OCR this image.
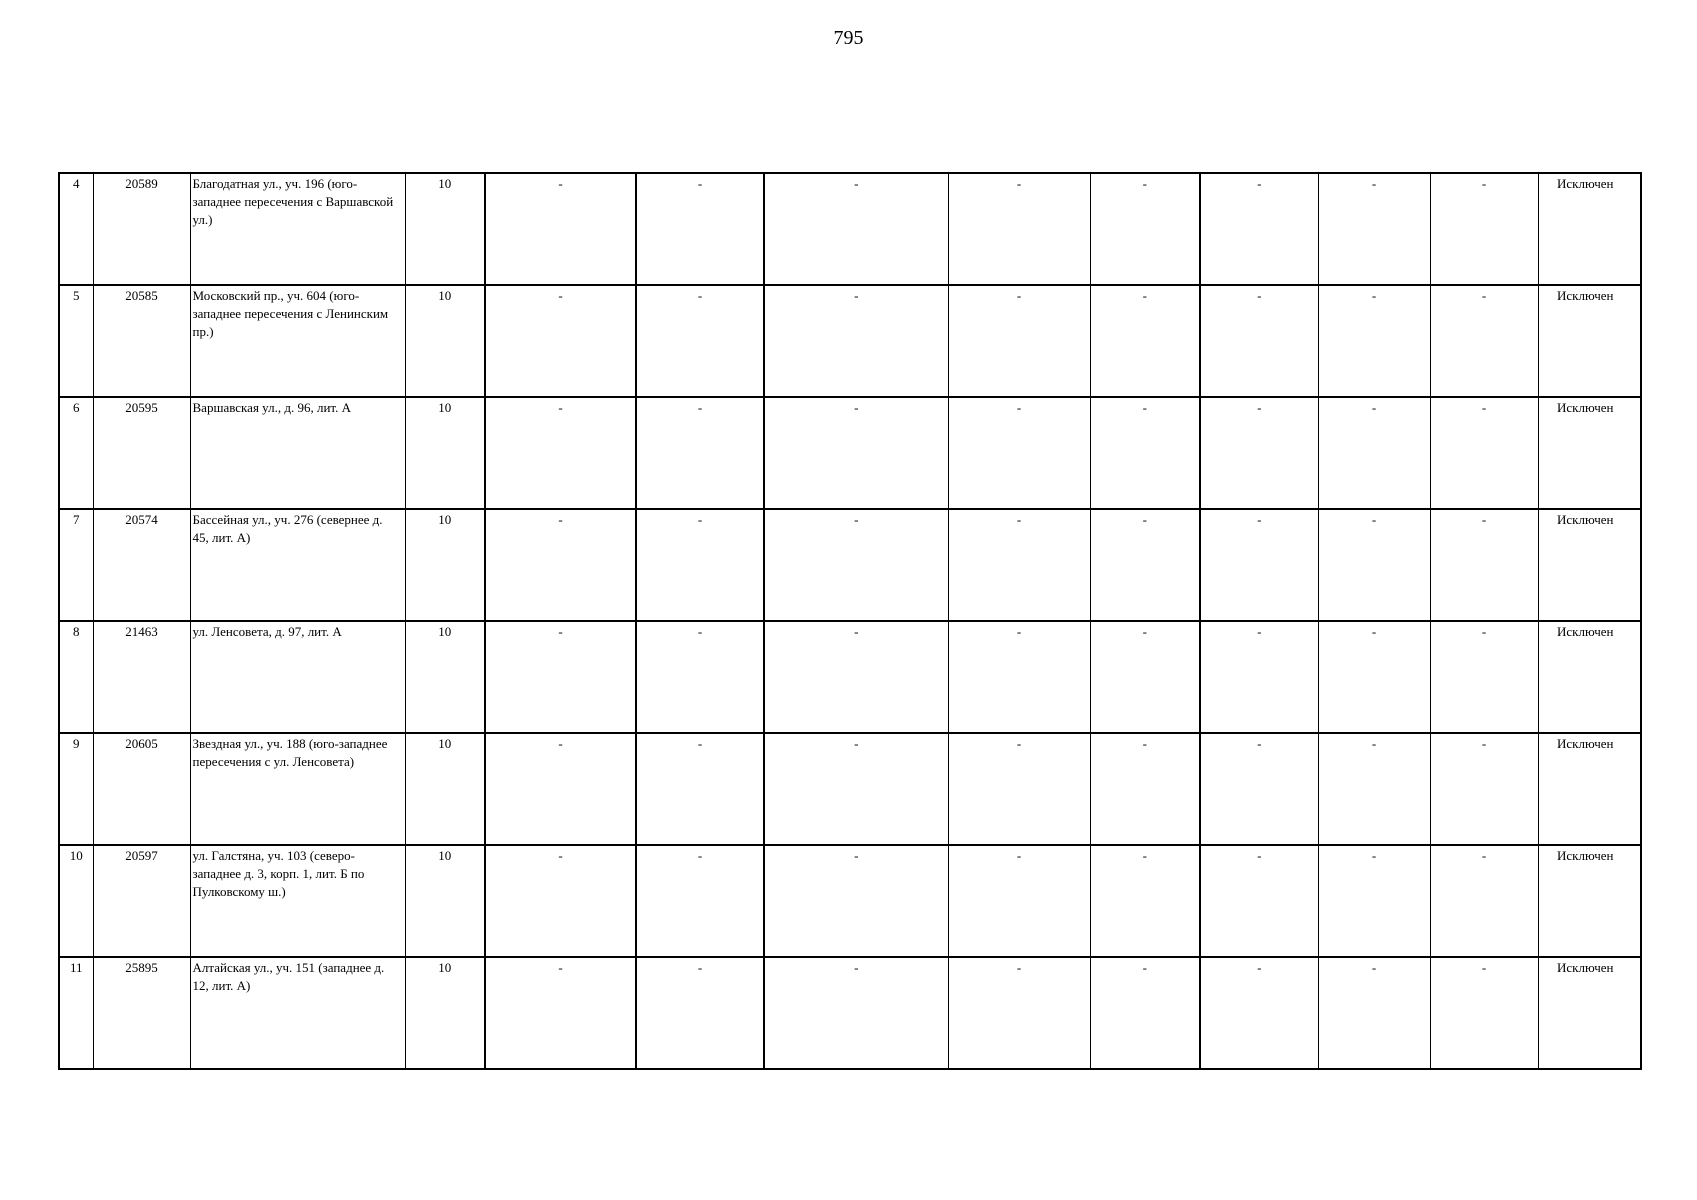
795
4	20589	Благодатная ул., уч. 196 (юго-западнее пересечения с Варшавской ул.)	10	-	-	-	-	-	-	-	-	Исключен
5	20585	Московский пр., уч. 604 (юго-западнее пересечения с Ленинским пр.)	10	-	-	-	-	-	-	-	-	Исключен
6	20595	Варшавская ул., д. 96, лит. А	10	-	-	-	-	-	-	-	-	Исключен
7	20574	Бассейная ул., уч. 276 (севернее д. 45, лит. А)	10	-	-	-	-	-	-	-	-	Исключен
8	21463	ул. Ленсовета, д. 97, лит. А	10	-	-	-	-	-	-	-	-	Исключен
9	20605	Звездная ул., уч. 188 (юго-западнее пересечения с ул. Ленсовета)	10	-	-	-	-	-	-	-	-	Исключен
10	20597	ул. Галстяна, уч. 103 (северо-западнее д. 3, корп. 1, лит. Б по Пулковскому ш.)	10	-	-	-	-	-	-	-	-	Исключен
11	25895	Алтайская ул., уч. 151 (западнее д. 12, лит. А)	10	-	-	-	-	-	-	-	-	Исключен
